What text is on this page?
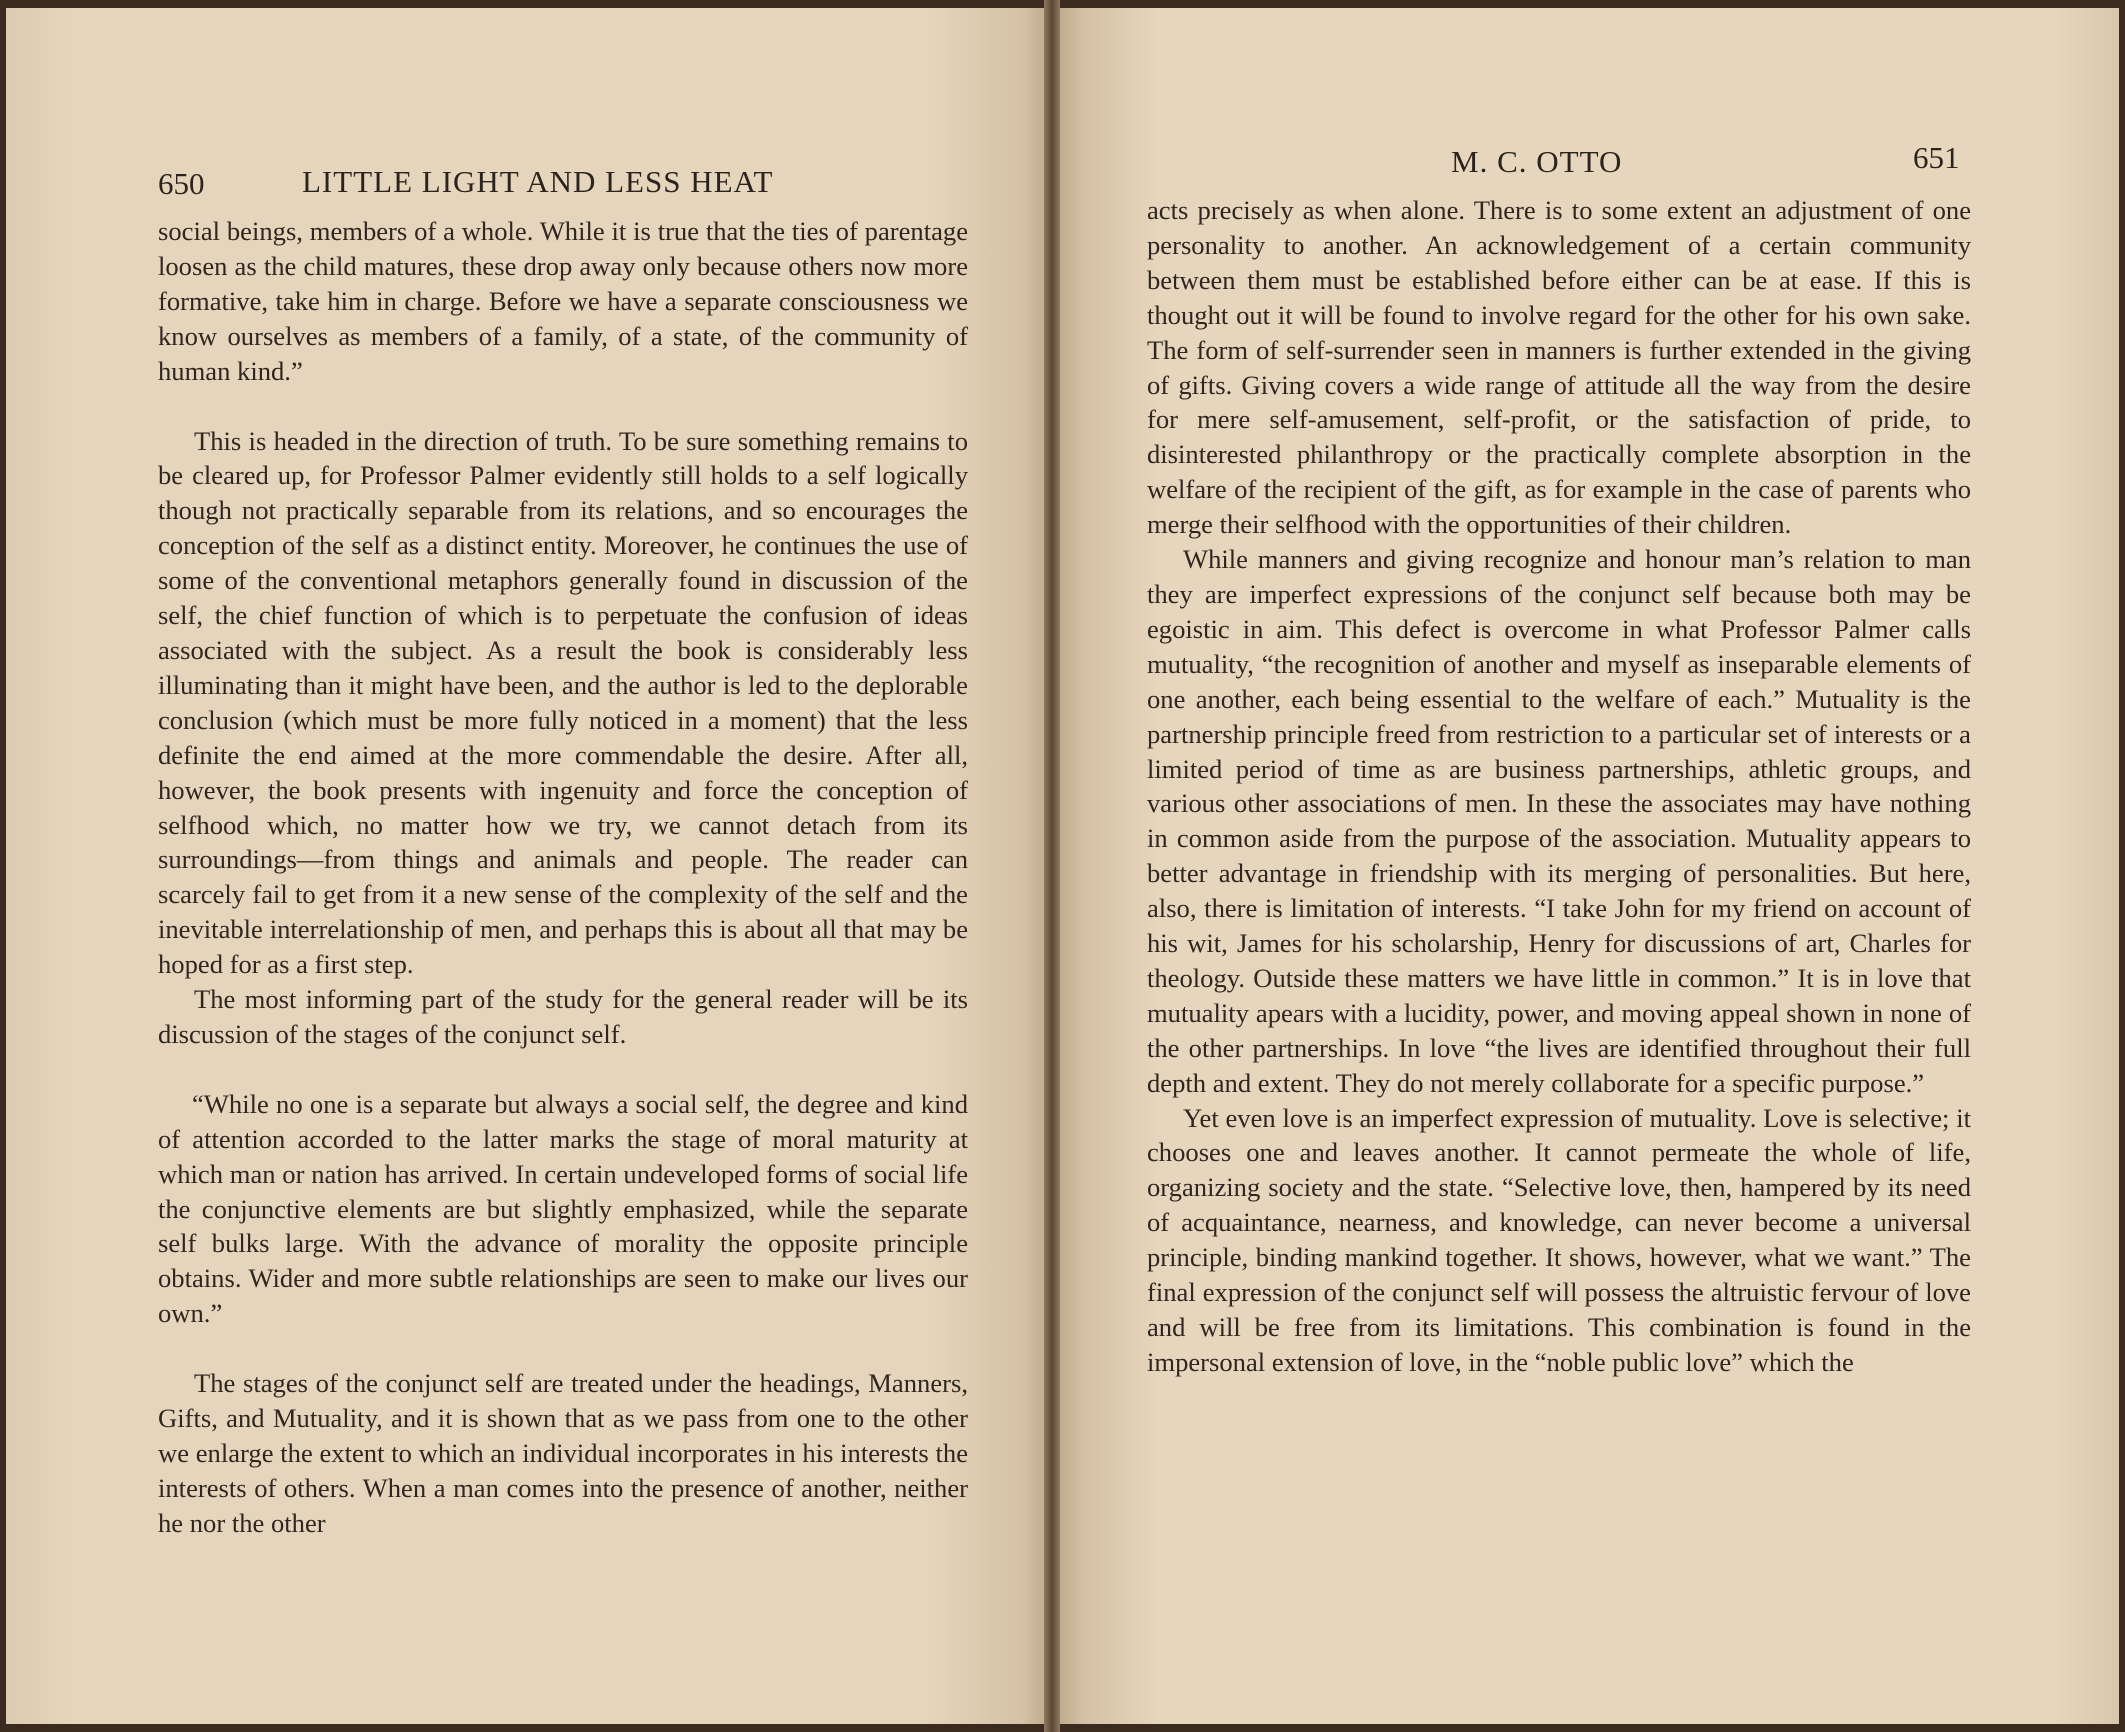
650	LITTLE LIGHT AND LESS HEAT

social beings, members of a whole. While it is true that the ties of parentage loosen as the child matures, these drop away only because others now more formative, take him in charge. Before we have a separate consciousness we know ourselves as members of a family, of a state, of the community of human kind.”

This is headed in the direction of truth. To be sure something remains to be cleared up, for Professor Palmer evidently still holds to a self logically though not practically separable from its relations, and so encourages the conception of the self as a distinct entity. Moreover, he continues the use of some of the conventional metaphors generally found in discussion of the self, the chief function of which is to perpetuate the confusion of ideas associated with the subject. As a result the book is considerably less illuminating than it might have been, and the author is led to the deplorable conclusion (which must be more fully noticed in a moment) that the less definite the end aimed at the more commendable the desire. After all, however, the book presents with ingenuity and force the conception of selfhood which, no matter how we try, we cannot detach from its surroundings—from things and animals and people. The reader can scarcely fail to get from it a new sense of the complexity of the self and the inevitable interrelationship of men, and perhaps this is about all that may be hoped for as a first step.

The most informing part of the study for the general reader will be its discussion of the stages of the conjunct self.

“While no one is a separate but always a social self, the degree and kind of attention accorded to the latter marks the stage of moral maturity at which man or nation has arrived. In certain undeveloped forms of social life the conjunctive elements are but slightly emphasized, while the separate self bulks large. With the advance of morality the opposite principle obtains. Wider and more subtle relationships are seen to make our lives our own.”

The stages of the conjunct self are treated under the headings, Manners, Gifts, and Mutuality, and it is shown that as we pass from one to the other we enlarge the extent to which an individual incorporates in his interests the interests of others. When a man comes into the presence of another, neither he nor the other

M. C. OTTO	651

acts precisely as when alone. There is to some extent an adjustment of one personality to another. An acknowledgement of a certain community between them must be established before either can be at ease. If this is thought out it will be found to involve regard for the other for his own sake. The form of self-surrender seen in manners is further extended in the giving of gifts. Giving covers a wide range of attitude all the way from the desire for mere self-amusement, self-profit, or the satisfaction of pride, to disinterested philanthropy or the practically complete absorption in the welfare of the recipient of the gift, as for example in the case of parents who merge their selfhood with the opportunities of their children.

While manners and giving recognize and honour man’s relation to man they are imperfect expressions of the conjunct self because both may be egoistic in aim. This defect is overcome in what Professor Palmer calls mutuality, “the recognition of another and myself as inseparable elements of one another, each being essential to the welfare of each.” Mutuality is the partnership principle freed from restriction to a particular set of interests or a limited period of time as are business partnerships, athletic groups, and various other associations of men. In these the associates may have nothing in common aside from the purpose of the association. Mutuality appears to better advantage in friendship with its merging of personalities. But here, also, there is limitation of interests. “I take John for my friend on account of his wit, James for his scholarship, Henry for discussions of art, Charles for theology. Outside these matters we have little in common.” It is in love that mutuality apears with a lucidity, power, and moving appeal shown in none of the other partnerships. In love “the lives are identified throughout their full depth and extent. They do not merely collaborate for a specific purpose.”

Yet even love is an imperfect expression of mutuality. Love is selective; it chooses one and leaves another. It cannot permeate the whole of life, organizing society and the state. “Selective love, then, hampered by its need of acquaintance, nearness, and knowledge, can never become a universal principle, binding mankind together. It shows, however, what we want.” The final expression of the conjunct self will possess the altruistic fervour of love and will be free from its limitations. This combination is found in the impersonal extension of love, in the “noble public love” which the
